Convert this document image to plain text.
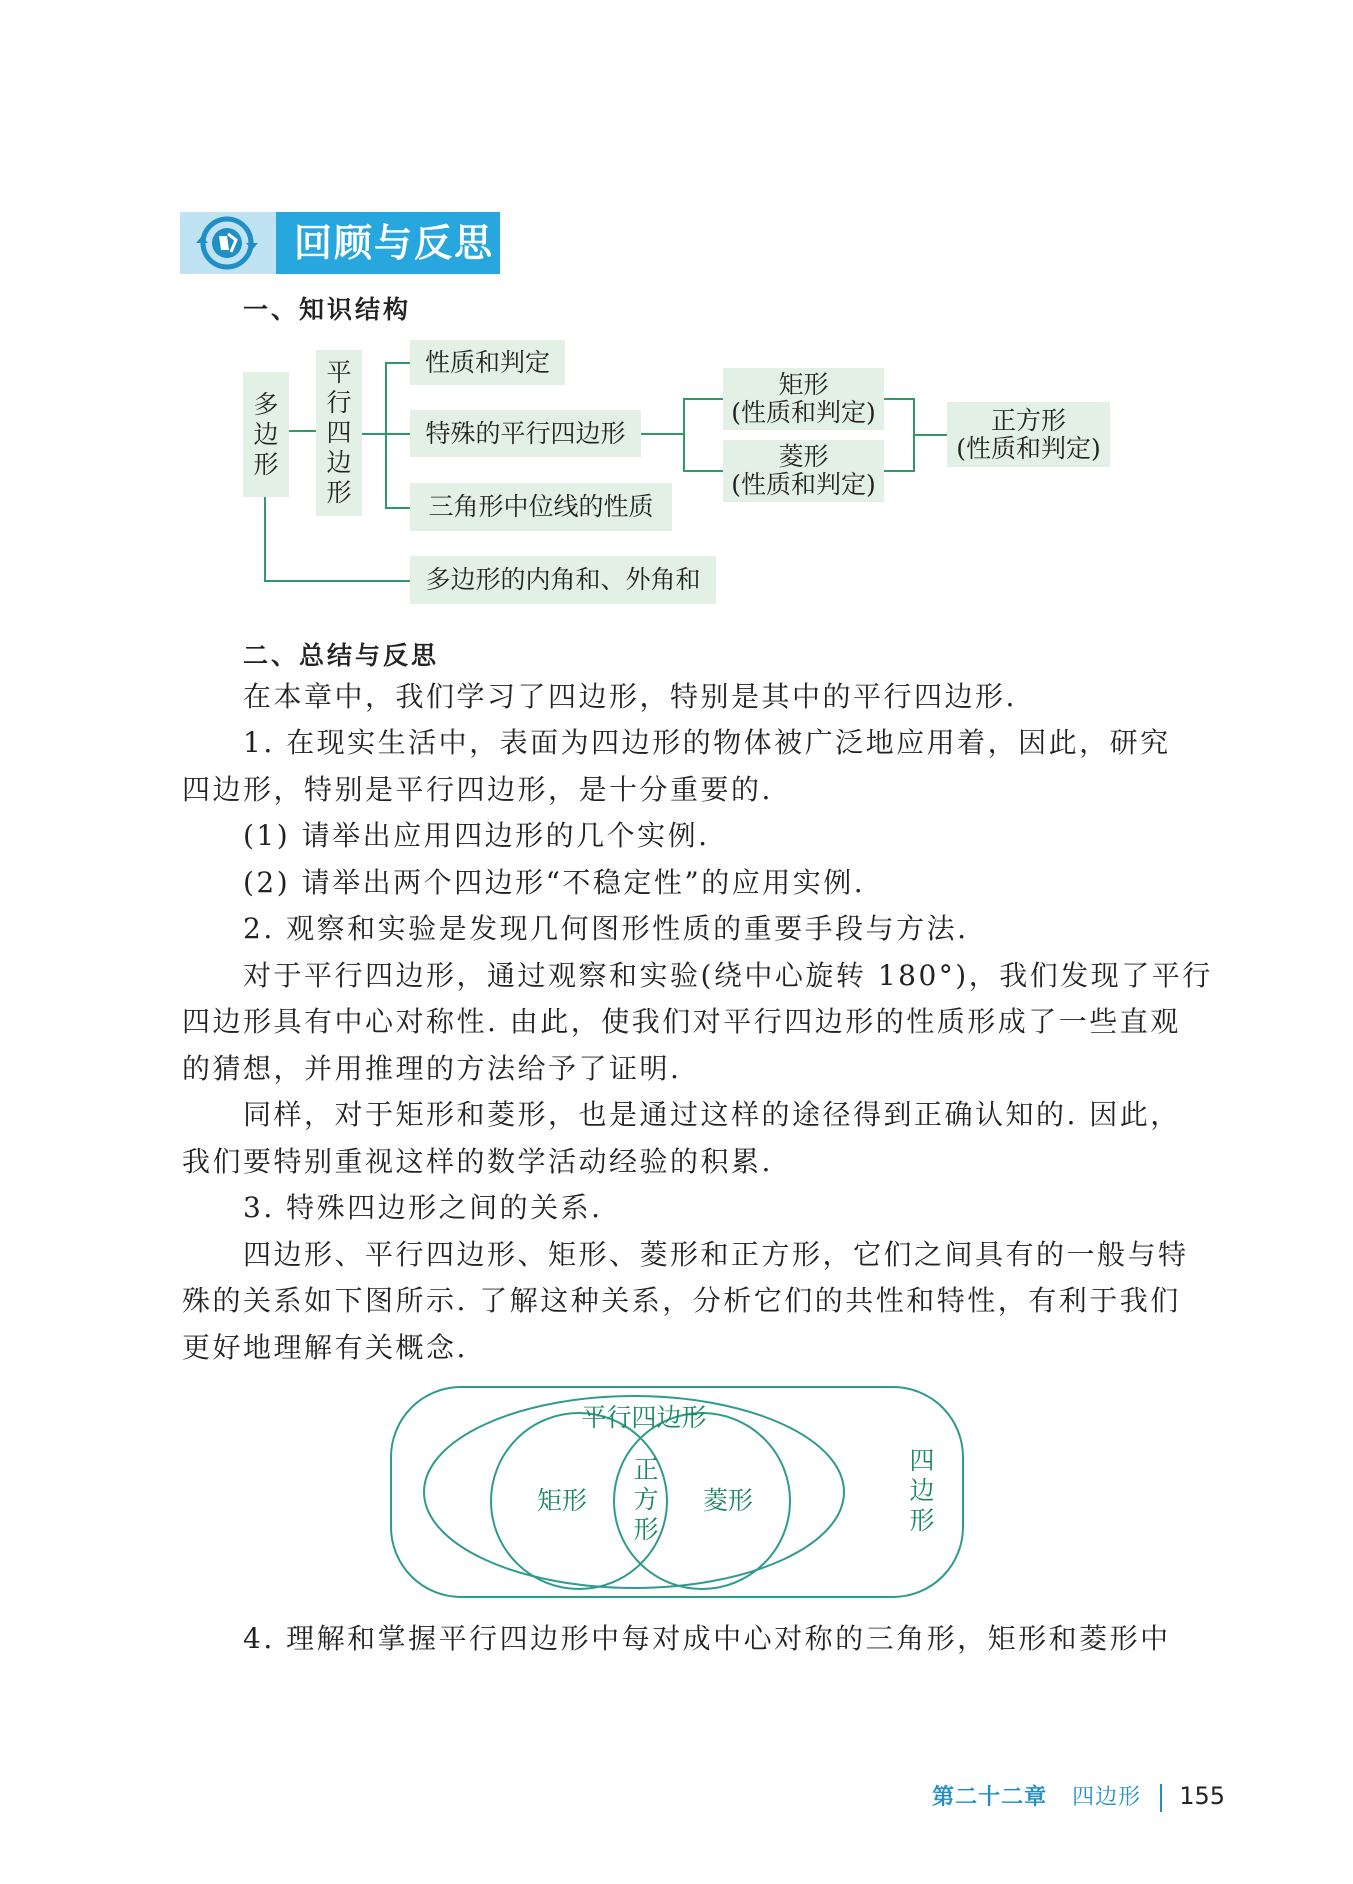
回顾与反思
一、知识结构
多
边
形
平
行
四
边
形
性质和判定
特殊的平行四边形
三角形中位线的性质
多边形的内角和、外角和
矩形
(性质和判定)
菱形
(性质和判定)
正方形
(性质和判定)
二、总结与反思
在本章中，我们学习了四边形，特别是其中的平行四边形.
1. 在现实生活中，表面为四边形的物体被广泛地应用着，因此，研究
四边形，特别是平行四边形，是十分重要的.
(1) 请举出应用四边形的几个实例.
(2) 请举出两个四边形“不稳定性”的应用实例.
2. 观察和实验是发现几何图形性质的重要手段与方法.
对于平行四边形，通过观察和实验(绕中心旋转 180°)，我们发现了平行
四边形具有中心对称性. 由此，使我们对平行四边形的性质形成了一些直观
的猜想，并用推理的方法给予了证明.
同样，对于矩形和菱形，也是通过这样的途径得到正确认知的. 因此，
我们要特别重视这样的数学活动经验的积累.
3. 特殊四边形之间的关系.
四边形、平行四边形、矩形、菱形和正方形，它们之间具有的一般与特
殊的关系如下图所示. 了解这种关系，分析它们的共性和特性，有利于我们
更好地理解有关概念.
4. 理解和掌握平行四边形中每对成中心对称的三角形，矩形和菱形中
平行四边形
矩形	菱形
正
方
形
四
边
形
第二十二章 四边形 155
